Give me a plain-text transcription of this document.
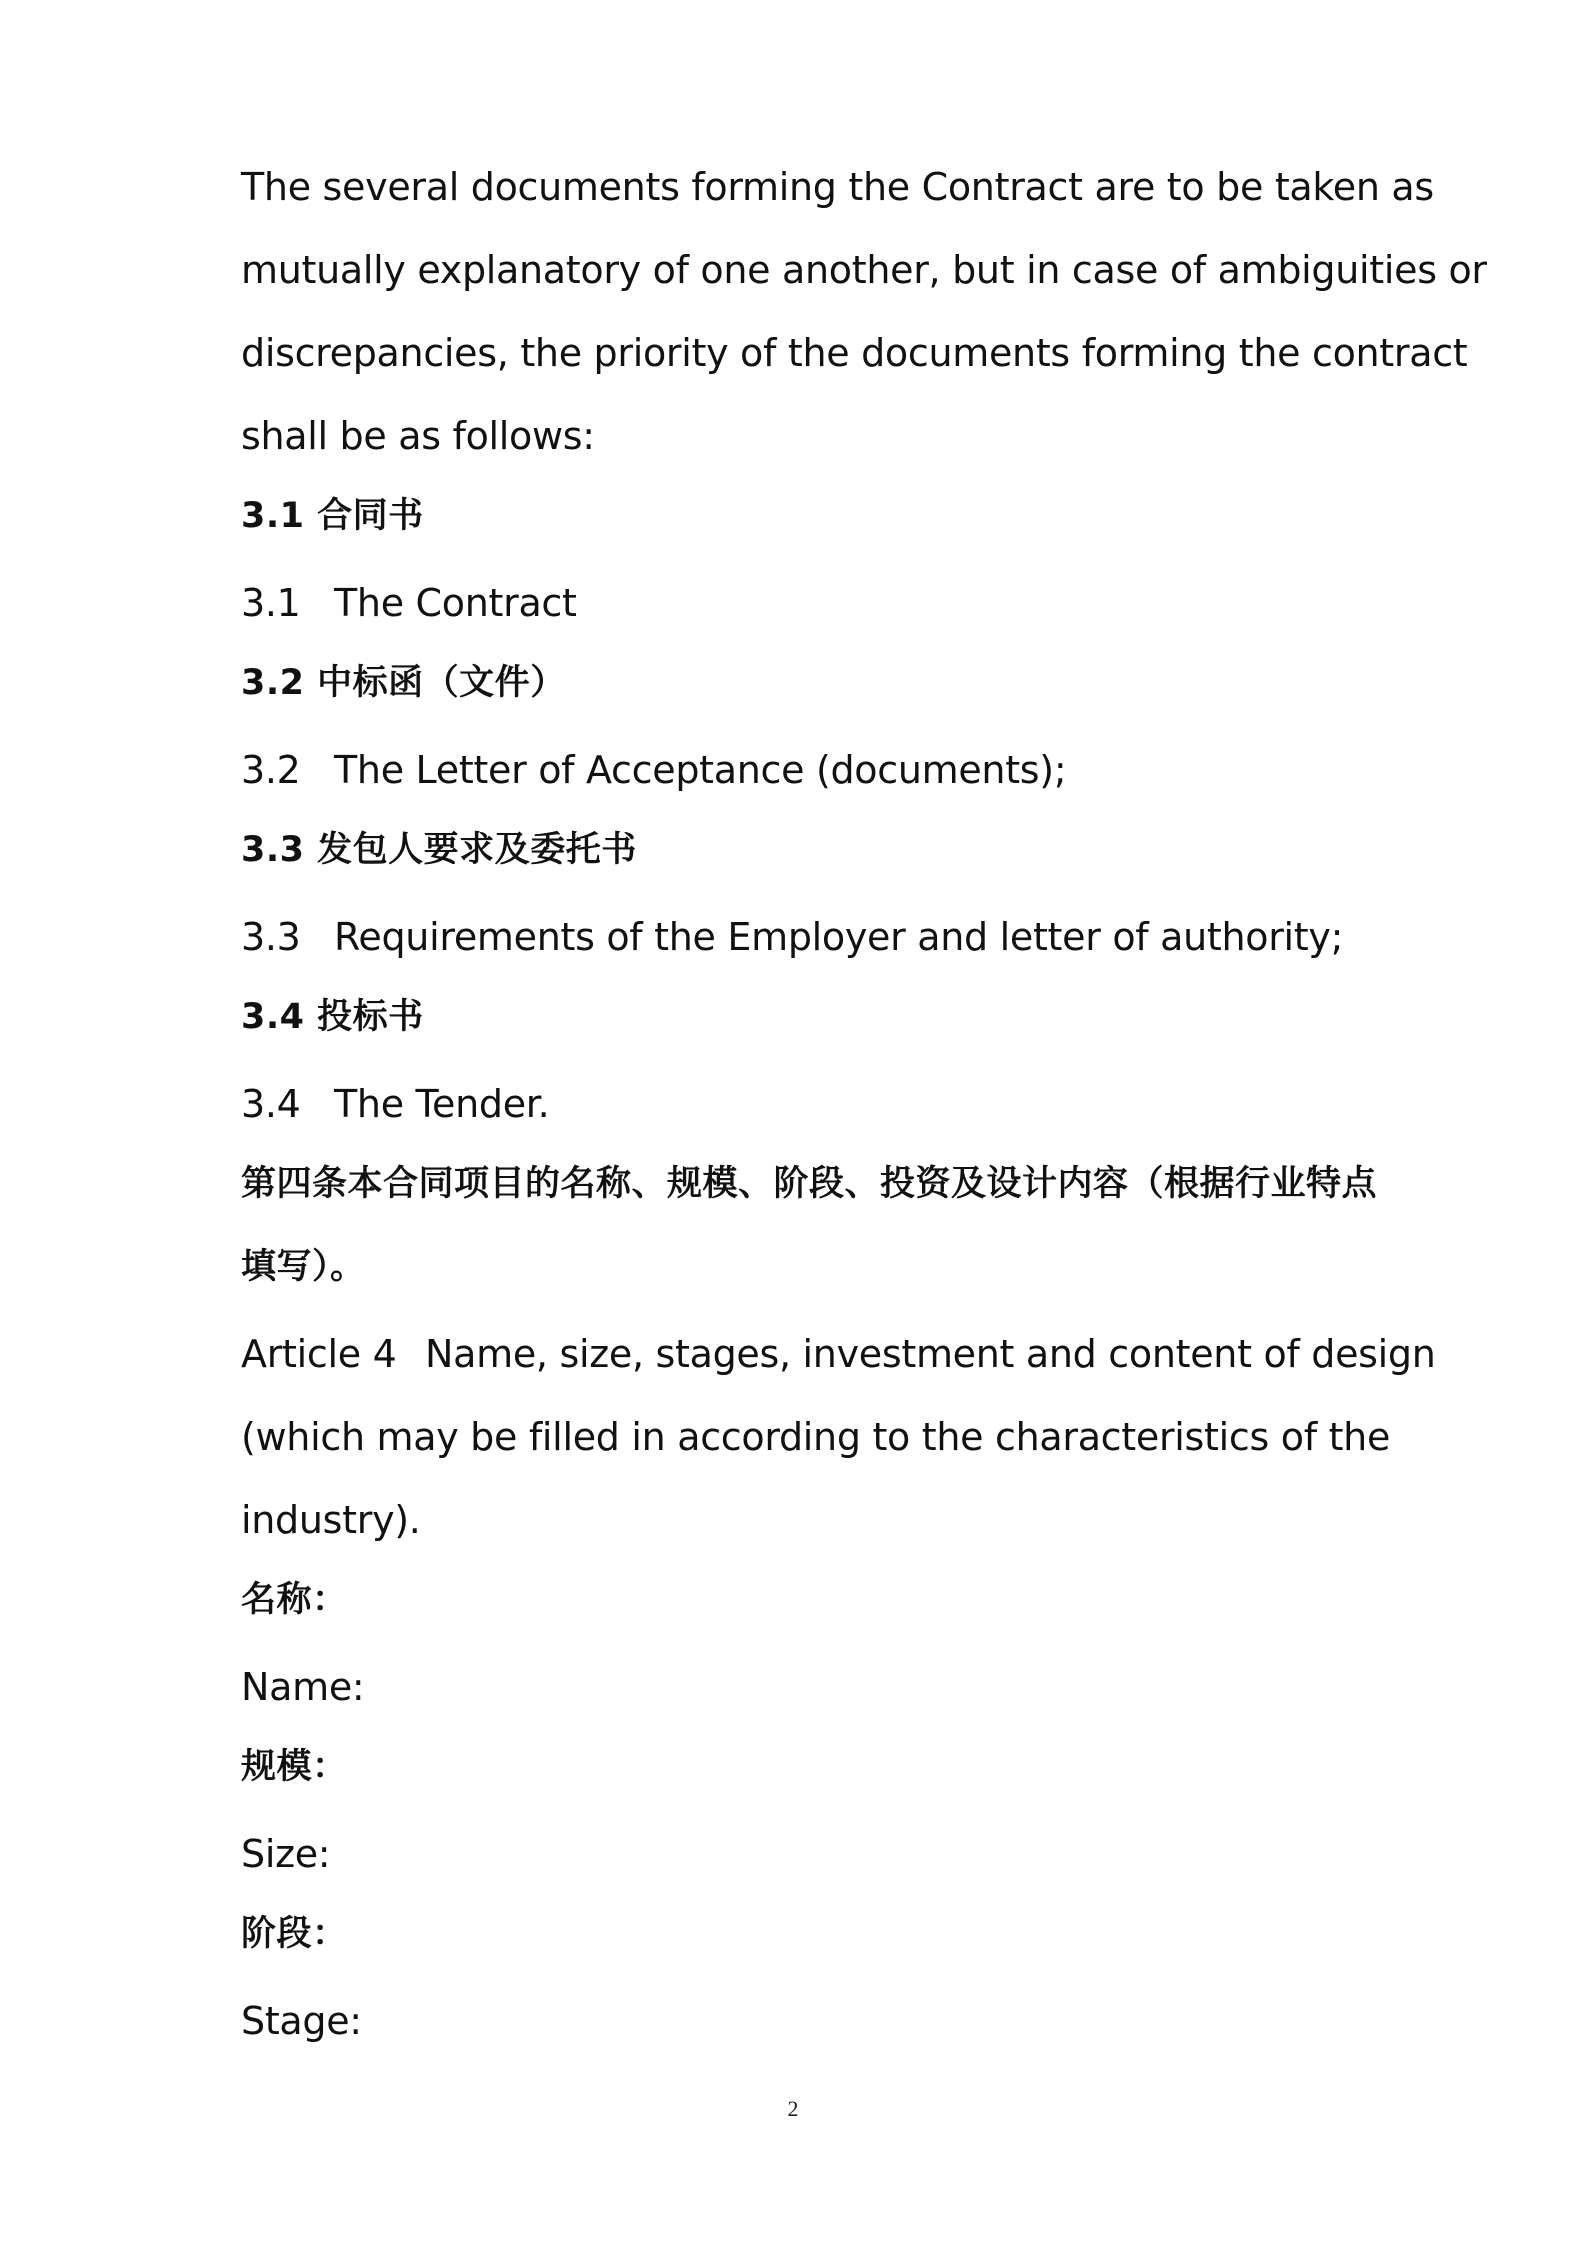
The several documents forming the Contract are to be taken as
mutually explanatory of one another, but in case of ambiguities or
discrepancies, the priority of the documents forming the contract
shall be as follows:
3.1 合同书
3.1 The Contract
3.2 中标函（文件）
3.2 The Letter of Acceptance (documents);
3.3 发包人要求及委托书
3.3 Requirements of the Employer and letter of authority;
3.4 投标书
3.4 The Tender.
第四条本合同项目的名称、规模、阶段、投资及设计内容（根据行业特点
填写）。
Article 4 Name, size, stages, investment and content of design
(which may be filled in according to the characteristics of the
industry).
名称：
Name:
规模：
Size:
阶段：
Stage:
2
